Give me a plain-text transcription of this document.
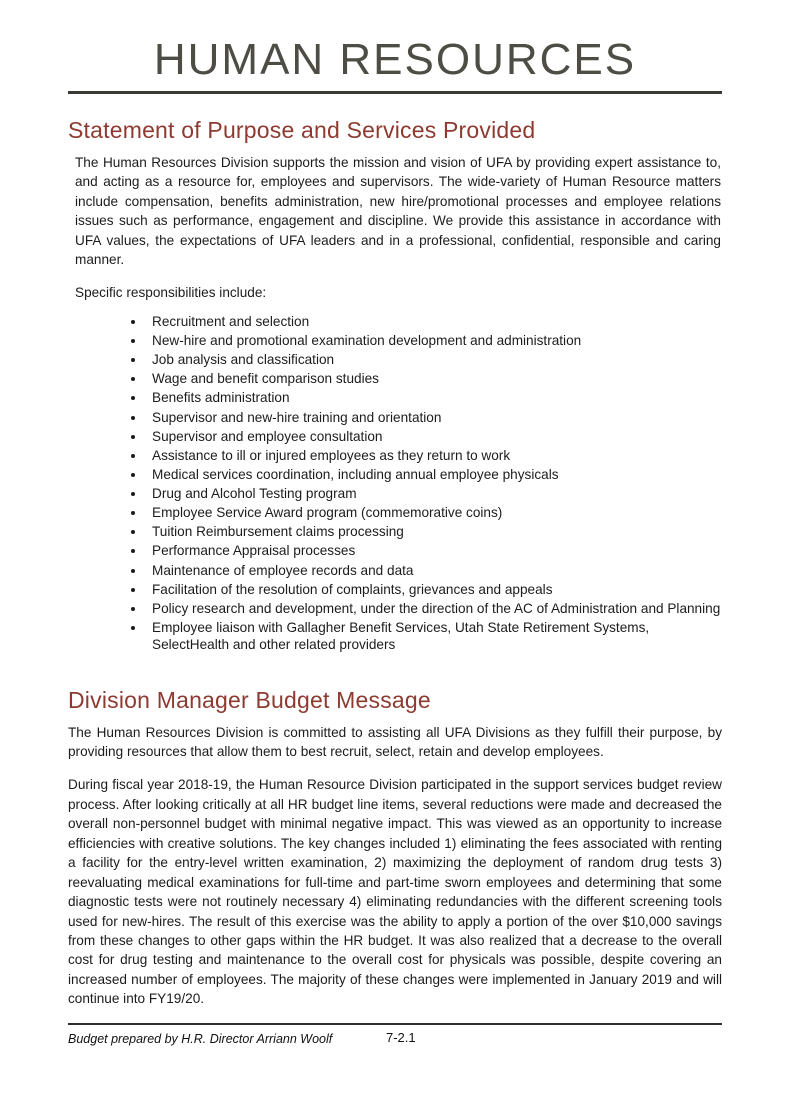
HUMAN RESOURCES
Statement of Purpose and Services Provided

The Human Resources Division supports the mission and vision of UFA by providing expert assistance to, and acting as a resource for, employees and supervisors. The wide-variety of Human Resource matters include compensation, benefits administration, new hire/promotional processes and employee relations issues such as performance, engagement and discipline. We provide this assistance in accordance with UFA values, the expectations of UFA leaders and in a professional, confidential, responsible and caring manner.

Specific responsibilities include:

• Recruitment and selection
• New-hire and promotional examination development and administration
• Job analysis and classification
• Wage and benefit comparison studies
• Benefits administration
• Supervisor and new-hire training and orientation
• Supervisor and employee consultation
• Assistance to ill or injured employees as they return to work
• Medical services coordination, including annual employee physicals
• Drug and Alcohol Testing program
• Employee Service Award program (commemorative coins)
• Tuition Reimbursement claims processing
• Performance Appraisal processes
• Maintenance of employee records and data
• Facilitation of the resolution of complaints, grievances and appeals
• Policy research and development, under the direction of the AC of Administration and Planning
• Employee liaison with Gallagher Benefit Services, Utah State Retirement Systems, SelectHealth and other related providers
Division Manager Budget Message

The Human Resources Division is committed to assisting all UFA Divisions as they fulfill their purpose, by providing resources that allow them to best recruit, select, retain and develop employees.

During fiscal year 2018-19, the Human Resource Division participated in the support services budget review process. After looking critically at all HR budget line items, several reductions were made and decreased the overall non-personnel budget with minimal negative impact. This was viewed as an opportunity to increase efficiencies with creative solutions. The key changes included 1) eliminating the fees associated with renting a facility for the entry-level written examination, 2) maximizing the deployment of random drug tests 3) reevaluating medical examinations for full-time and part-time sworn employees and determining that some diagnostic tests were not routinely necessary 4) eliminating redundancies with the different screening tools used for new-hires. The result of this exercise was the ability to apply a portion of the over $10,000 savings from these changes to other gaps within the HR budget. It was also realized that a decrease to the overall cost for drug testing and maintenance to the overall cost for physicals was possible, despite covering an increased number of employees. The majority of these changes were implemented in January 2019 and will continue into FY19/20.

Budget prepared by H.R. Director Arriann Woolf	7-2.1
